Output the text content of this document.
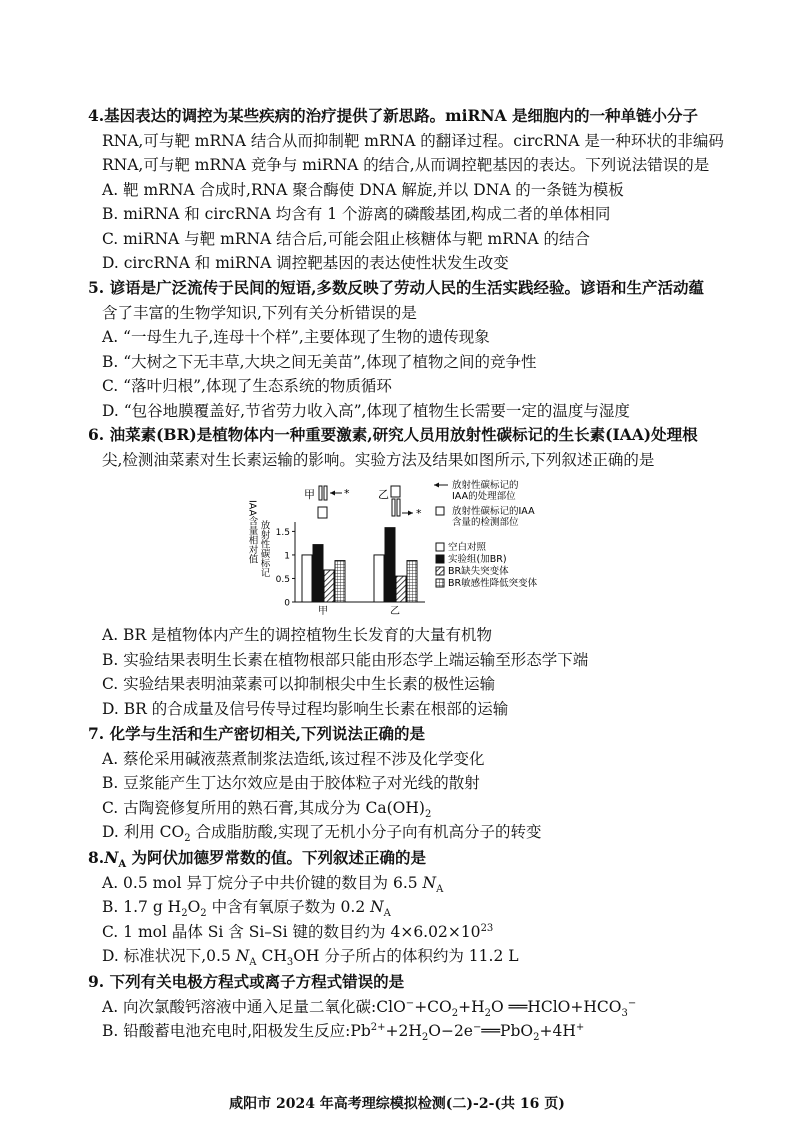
4.基因表达的调控为某些疾病的治疗提供了新思路。miRNA 是细胞内的一种单链小分子

RNA,可与靶 mRNA 结合从而抑制靶 mRNA 的翻译过程。circRNA 是一种环状的非编码

RNA,可与靶 mRNA 竞争与 miRNA 的结合,从而调控靶基因的表达。下列说法错误的是

A. 靶 mRNA 合成时,RNA 聚合酶使 DNA 解旋,并以 DNA 的一条链为模板

B. miRNA 和 circRNA 均含有 1 个游离的磷酸基团,构成二者的单体相同

C. miRNA 与靶 mRNA 结合后,可能会阻止核糖体与靶 mRNA 的结合

D. circRNA 和 miRNA 调控靶基因的表达使性状发生改变

5. 谚语是广泛流传于民间的短语,多数反映了劳动人民的生活实践经验。谚语和生产活动蕴

含了丰富的生物学知识,下列有关分析错误的是

A. “一母生九子,连母十个样”,主要体现了生物的遗传现象

B. “大树之下无丰草,大块之间无美苗”,体现了植物之间的竞争性

C. “落叶归根”,体现了生态系统的物质循环

D. “包谷地膜覆盖好,节省劳力收入高”,体现了植物生长需要一定的温度与湿度

6. 油菜素(BR)是植物体内一种重要激素,研究人员用放射性碳标记的生长素(IAA)处理根

尖,检测油菜素对生长素运输的影响。实验方法及结果如图所示,下列叙述正确的是

甲	*	乙
*
放射性碳标记的
IAA的处理部位
放射性碳标记的IAA
含量的检测部位
放射性碳标记
IAA含量相对值
0
0.5
1
1.5
甲	乙
空白对照
实验组(加BR)
BR缺失突变体
BR敏感性降低突变体

A. BR 是植物体内产生的调控植物生长发育的大量有机物

B. 实验结果表明生长素在植物根部只能由形态学上端运输至形态学下端

C. 实验结果表明油菜素可以抑制根尖中生长素的极性运输

D. BR 的合成量及信号传导过程均影响生长素在根部的运输

7. 化学与生活和生产密切相关,下列说法正确的是

A. 蔡伦采用碱液蒸煮制浆法造纸,该过程不涉及化学变化

B. 豆浆能产生丁达尔效应是由于胶体粒子对光线的散射

C. 古陶瓷修复所用的熟石膏,其成分为 $Ca(OH)_2$

D. 利用 $CO_2$ 合成脂肪酸,实现了无机小分子向有机高分子的转变

$8.N_A$ 为阿伏加德罗常数的值。下列叙述正确的是

A. 0.5 mol 异丁烷分子中共价键的数目为 6.5 $N_A$

B. 1.7 g $H_2O_2$ 中含有氧原子数为 0.2 $N_A$

C. 1 mol 晶体 Si 含 Si–Si 键的数目约为 $4\times 6.02\times 10^{23}$

D. 标准状况下,0.5 $N_A$ $CH_3OH$ 分子所占的体积约为 11.2 L

9. 下列有关电极方程式或离子方程式错误的是

A. 向次氯酸钙溶液中通入足量二氧化碳$:ClO^-+CO_2+H_2O$ $══HClO+HCO_3^-$

B. 铅酸蓄电池充电时,阳极发生反应$:Pb^{2+}+2H_2O-2e^-══PbO_2+4H^+$

咸阳市 2024 年高考理综模拟检测(二)-2-(共 16 页)
